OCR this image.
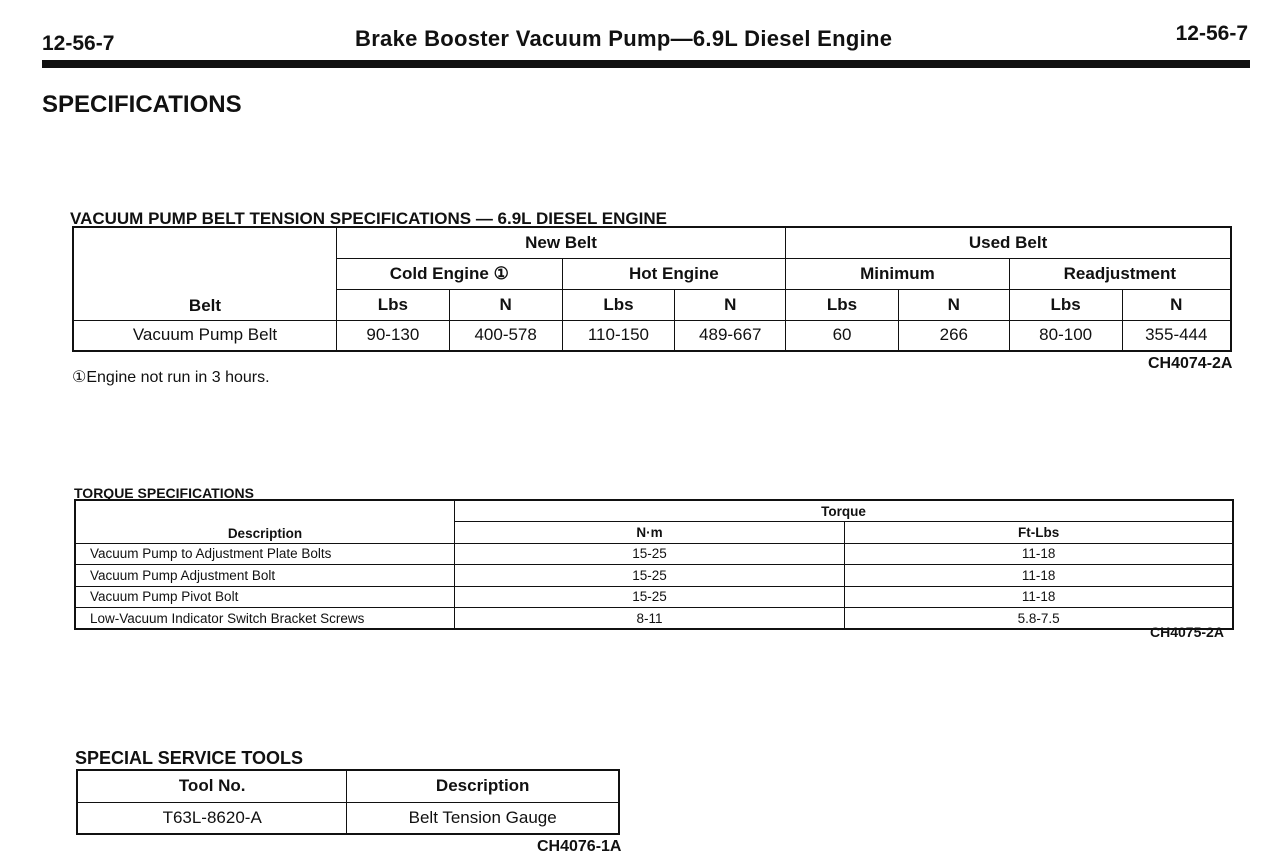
12-56-7	Brake Booster Vacuum Pump—6.9L Diesel Engine	12-56-7
SPECIFICATIONS
VACUUM PUMP BELT TENSION SPECIFICATIONS — 6.9L DIESEL ENGINE
Belt	New Belt				Used Belt			
	Cold Engine ①		Hot Engine		Minimum		Readjustment	
	Lbs	N	Lbs	N	Lbs	N	Lbs	N
Vacuum Pump Belt	90-130	400-578	110-150	489-667	60	266	80-100	355-444
①Engine not run in 3 hours.
CH4074-2A
TORQUE SPECIFICATIONS
Description	Torque	
	N·m	Ft-Lbs
Vacuum Pump to Adjustment Plate Bolts	15-25	11-18
Vacuum Pump Adjustment Bolt	15-25	11-18
Vacuum Pump Pivot Bolt	15-25	11-18
Low-Vacuum Indicator Switch Bracket Screws	8-11	5.8-7.5
CH4075-2A
SPECIAL SERVICE TOOLS
Tool No.	Description
T63L-8620-A	Belt Tension Gauge
CH4076-1A
